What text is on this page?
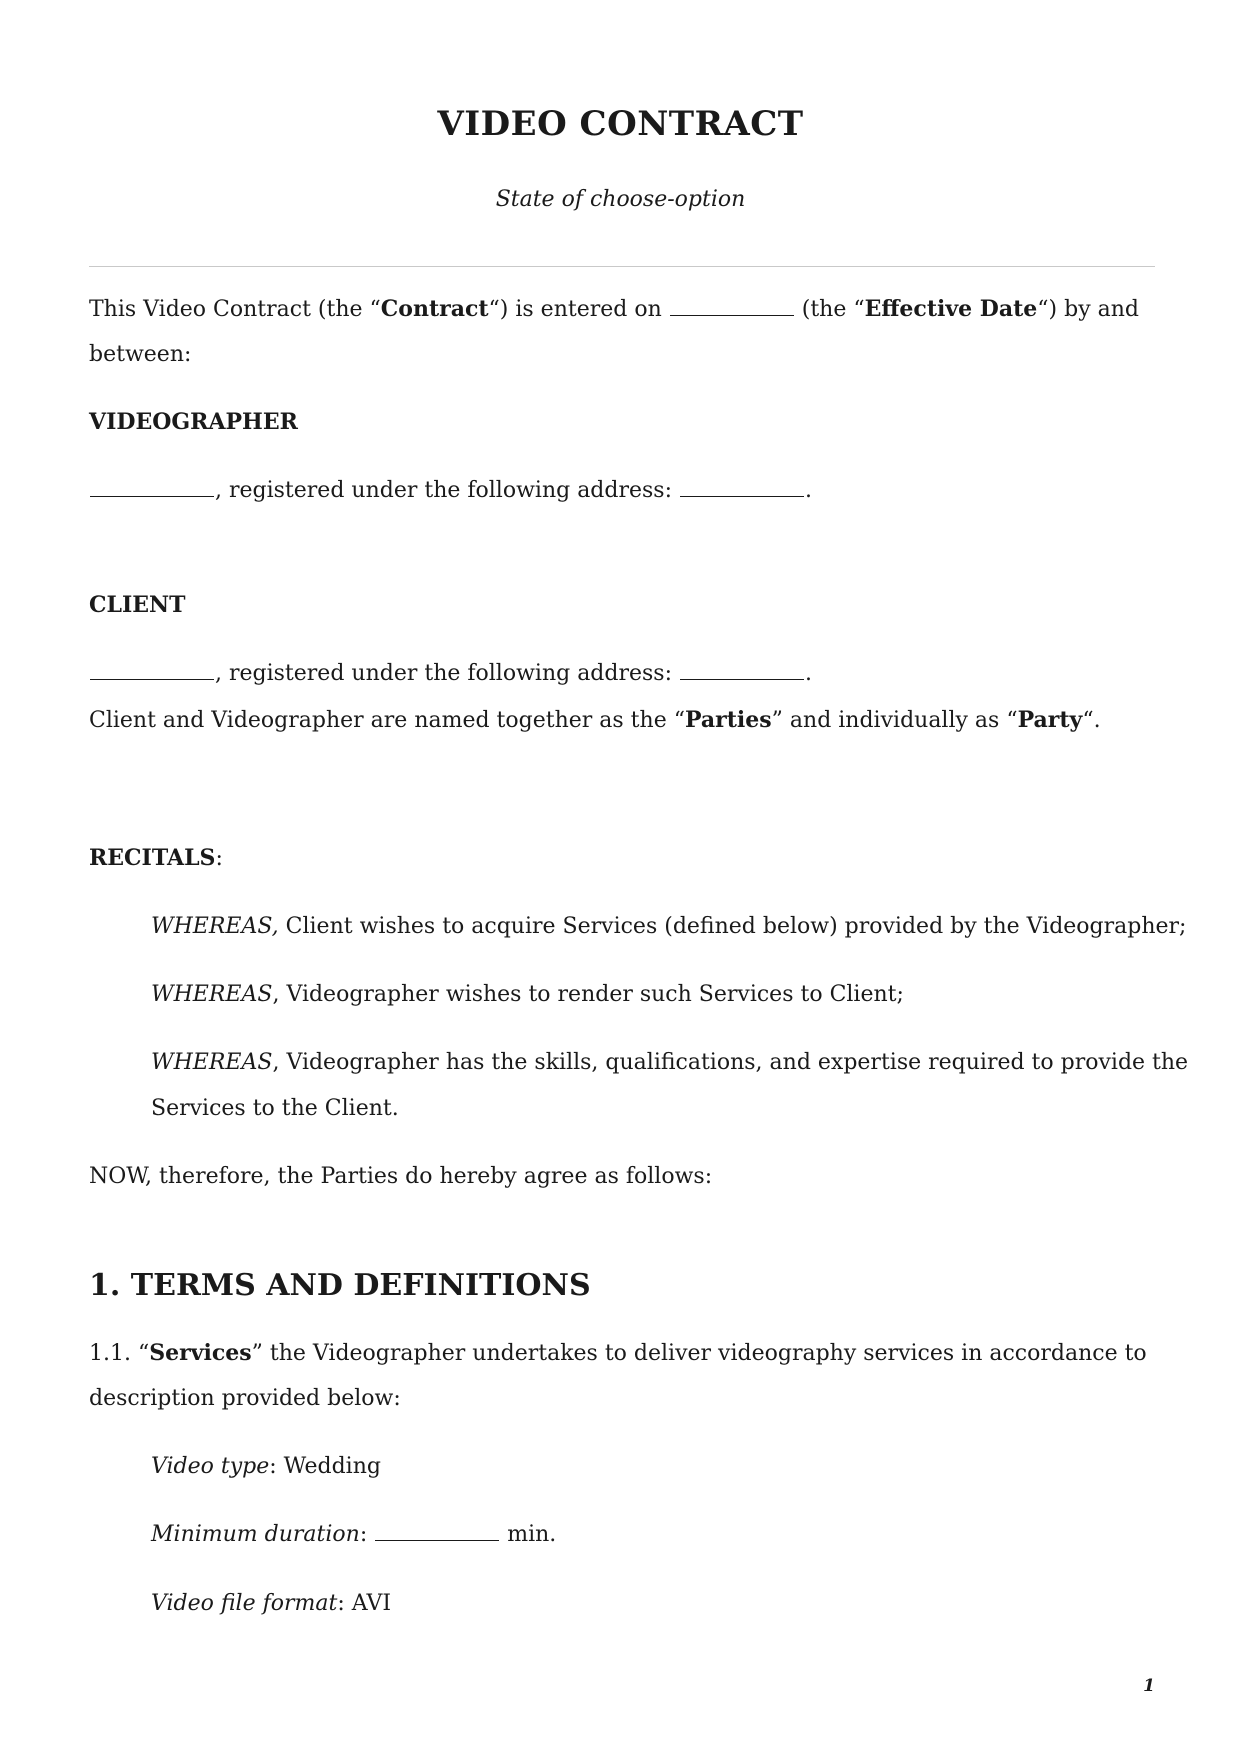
VIDEO CONTRACT
State of choose-option
This Video Contract (the “Contract“) is entered on	(the “Effective Date“) by and
between:
VIDEOGRAPHER
, registered under the following address:	.
CLIENT
, registered under the following address:	.
Client and Videographer are named together as the “Parties” and individually as “Party“.
RECITALS:
WHEREAS, Client wishes to acquire Services (defined below) provided by the Videographer;
WHEREAS, Videographer wishes to render such Services to Client;
WHEREAS, Videographer has the skills, qualifications, and expertise required to provide the
Services to the Client.
NOW, therefore, the Parties do hereby agree as follows:
1. TERMS AND DEFINITIONS
1.1. “Services” the Videographer undertakes to deliver videography services in accordance to
description provided below:
Video type: Wedding
Minimum duration:	min.
Video file format: AVI
1
